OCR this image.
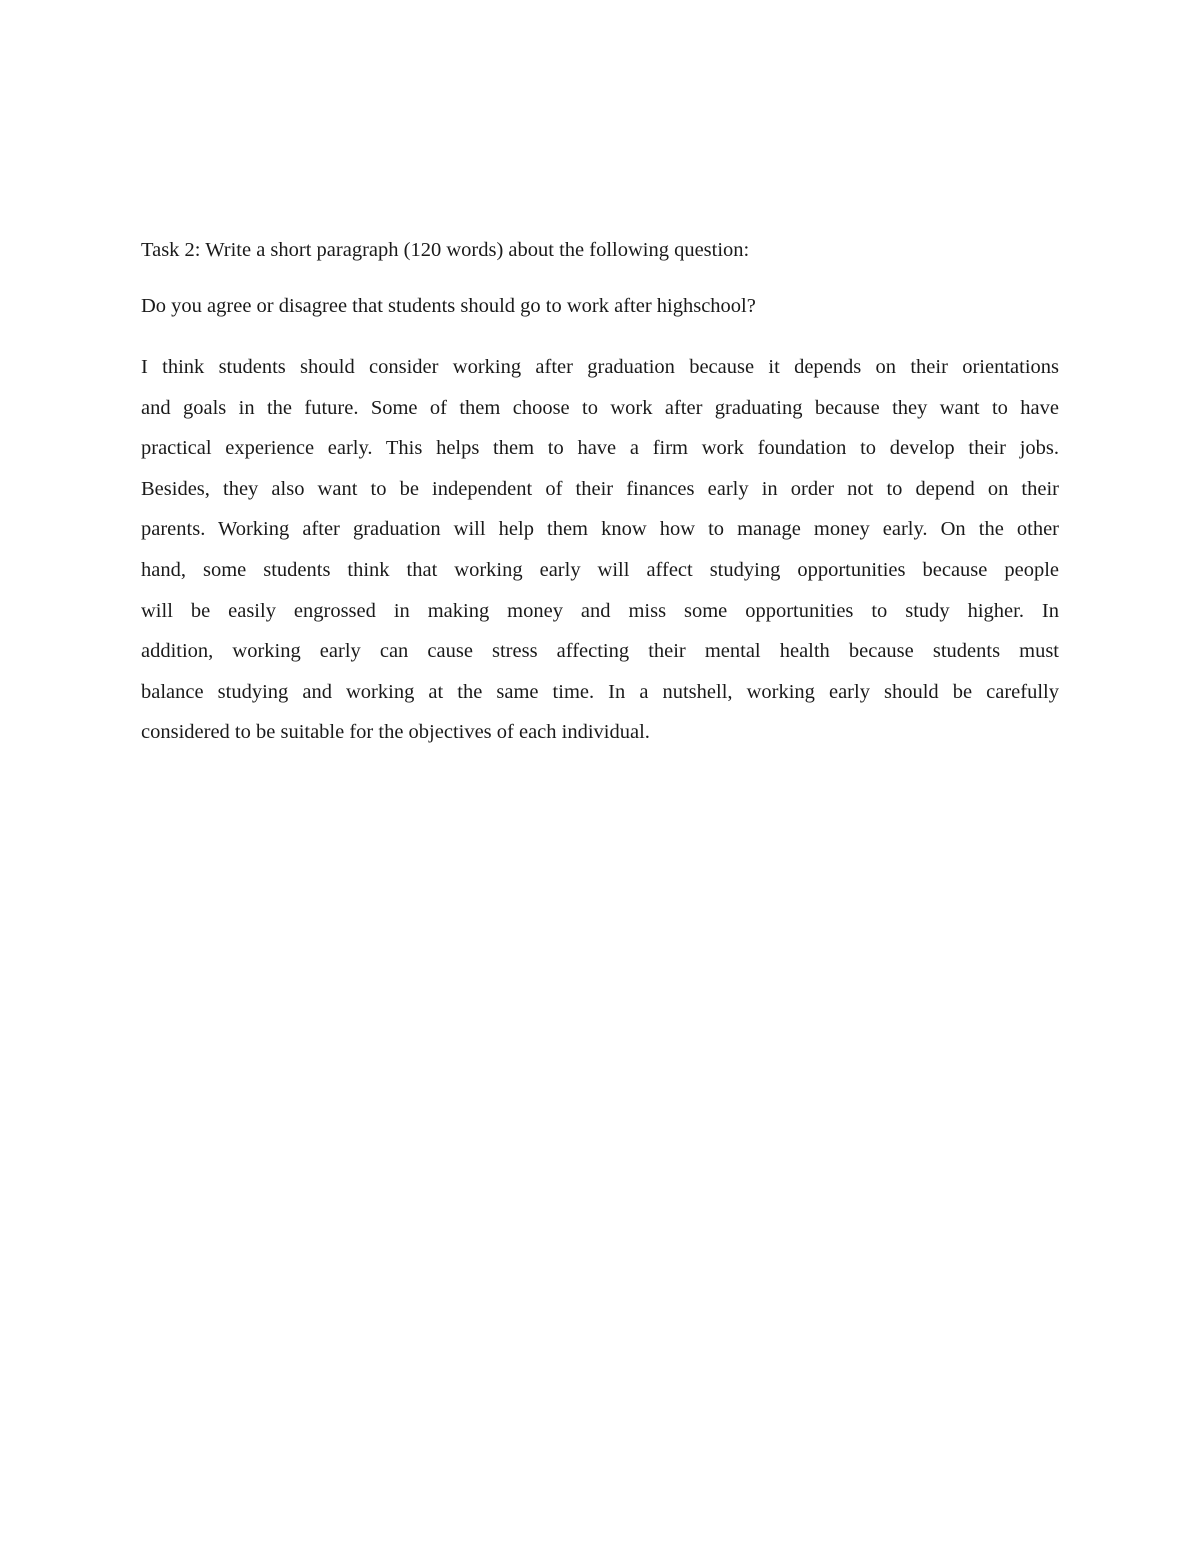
Task 2: Write a short paragraph (120 words) about the following question:

Do you agree or disagree that students should go to work after highschool?

I think students should consider working after graduation because it depends on their orientations
and goals in the future. Some of them choose to work after graduating because they want to have
practical experience early. This helps them to have a firm work foundation to develop their jobs.
Besides, they also want to be independent of their finances early in order not to depend on their
parents. Working after graduation will help them know how to manage money early. On the other
hand, some students think that working early will affect studying opportunities because people
will be easily engrossed in making money and miss some opportunities to study higher. In
addition, working early can cause stress affecting their mental health because students must
balance studying and working at the same time. In a nutshell, working early should be carefully
considered to be suitable for the objectives of each individual.
